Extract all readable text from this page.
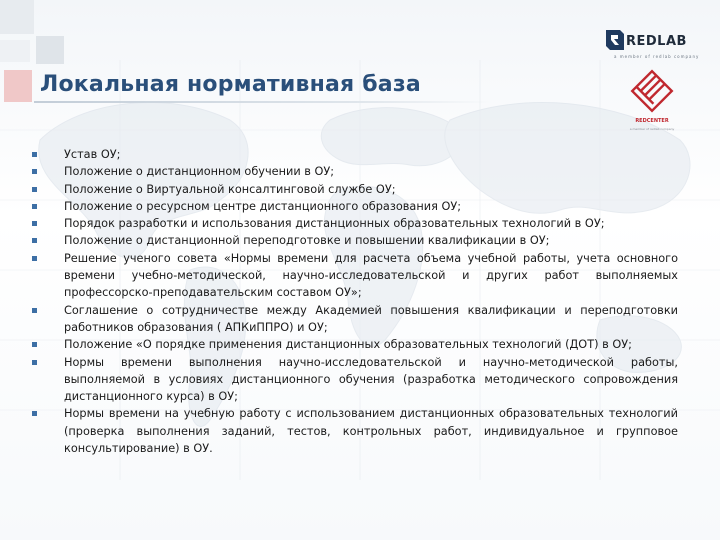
Локальная нормативная база
REDLAB
a member of redlab company
REDCENTER
a member of redlab company
Устав ОУ;
Положение о дистанционном обучении в ОУ;
Положение о Виртуальной консалтинговой службе ОУ;
Положение о ресурсном центре дистанционного образования ОУ;
Порядок разработки и использования дистанционных образовательных технологий в ОУ;
Положение о дистанционной переподготовке и повышении квалификации в ОУ;
Решение ученого совета «Нормы времени для расчета объема учебной работы, учета основного времени учебно-методической, научно-исследовательской и других работ выполняемых профессорско-преподавательским составом ОУ»;
Соглашение о сотрудничестве между Академией повышения квалификации и переподготовки работников образования ( АПКиППРО) и ОУ;
Положение «О порядке применения дистанционных образовательных технологий (ДОТ) в ОУ;
Нормы времени выполнения научно-исследовательской и научно-методической работы, выполняемой в условиях дистанционного обучения (разработка методического сопровождения дистанционного курса) в ОУ;
Нормы времени на учебную работу с использованием дистанционных образовательных технологий (проверка выполнения заданий, тестов, контрольных работ, индивидуальное и групповое консультирование) в ОУ.
